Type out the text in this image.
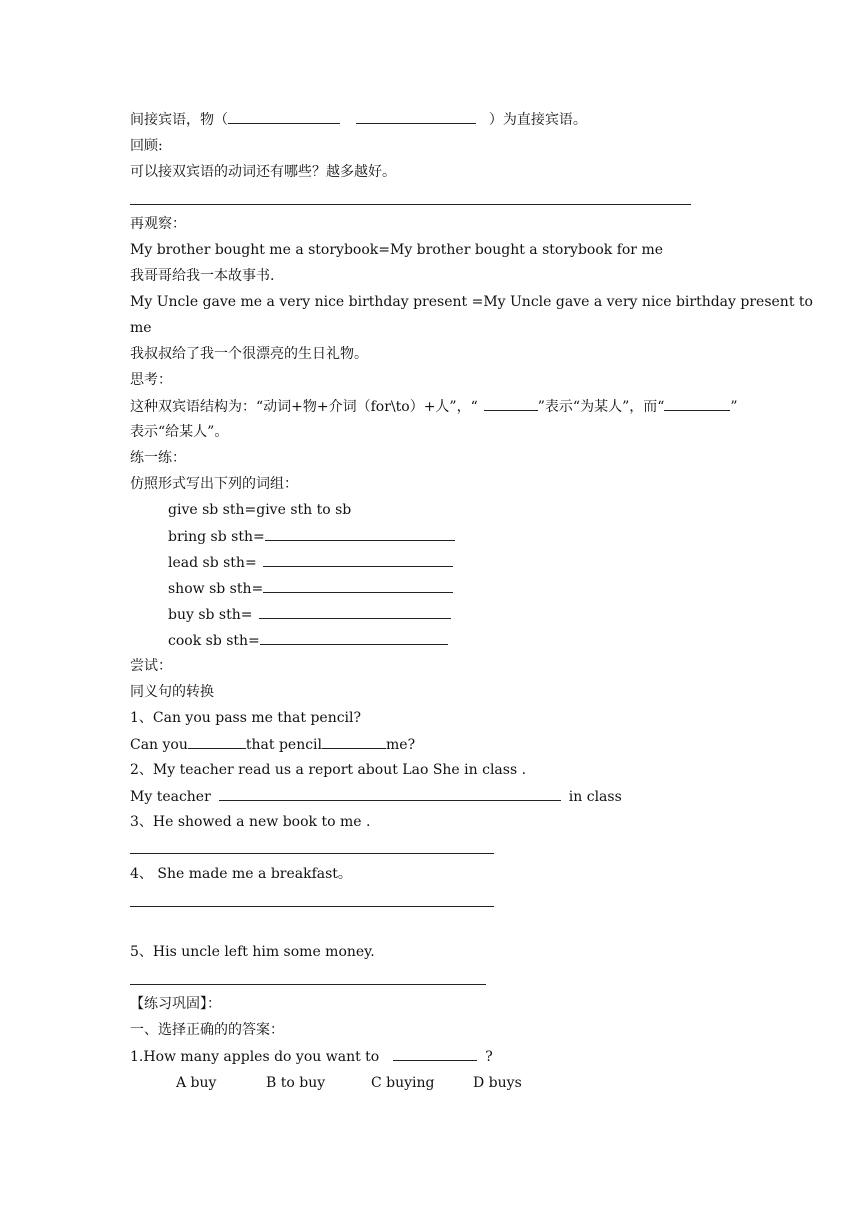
间接宾语，物（	）为直接宾语。
回顾:
可以接双宾语的动词还有哪些？越多越好。
再观察：
My brother bought me a storybook=My brother bought a storybook for me
我哥哥给我一本故事书.
My Uncle gave me a very nice birthday present =My Uncle gave a very nice birthday present to
me
我叔叔给了我一个很漂亮的生日礼物。
思考：
这种双宾语结构为：“动词+物+介词（for\to）+人”，“	”表示“为某人”，而“	”
表示“给某人”。
练一练：
仿照形式写出下列的词组：
give sb sth=give sth to sb
bring sb sth=
lead sb sth=
show sb sth=
buy sb sth=
cook sb sth=
尝试：
同义句的转换
1、Can you pass me that pencil?
Can you	that pencil	me?
2、My teacher read us a report about Lao She in class .
My teacher	in class
3、He showed a new book to me .
4、 She made me a breakfast。
5、His uncle left him some money.
【练习巩固】：
一、选择正确的的答案：
1.How many apples do you want to	?
A buy	B to buy	C buying	D buys
